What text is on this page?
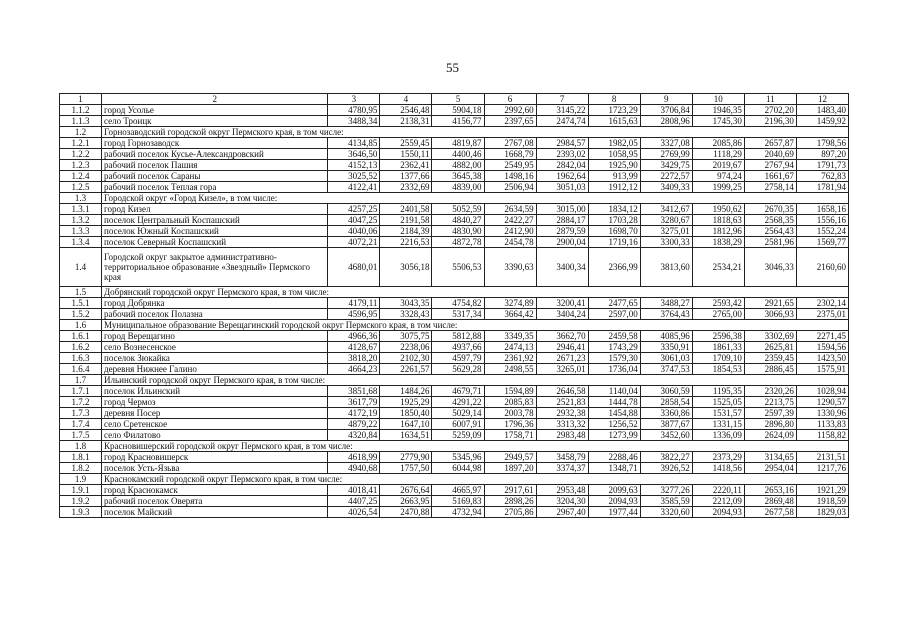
55
1	2	3	4	5	6	7	8	9	10	11	12
1.1.2	город Усолье	4780,95	2546,48	5904,18	2992,60	3145,22	1723,29	3706,84	1946,35	2702,20	1483,40
1.1.3	село Троицк	3488,34	2138,31	4156,77	2397,65	2474,74	1615,63	2808,96	1745,30	2196,30	1459,92
1.2	Горнозаводский городской округ Пермского края, в том числе:										
1.2.1	город Горнозаводск	4134,85	2559,45	4819,87	2767,08	2984,57	1982,05	3327,08	2085,86	2657,87	1798,56
1.2.2	рабочий поселок Кусье-Александровский	3646,50	1550,11	4400,46	1668,79	2393,02	1058,95	2769,99	1118,29	2040,69	897,20
1.2.3	рабочий поселок Пашия	4152,13	2362,41	4882,00	2549,95	2842,04	1925,90	3429,75	2019,67	2767,94	1791,73
1.2.4	рабочий поселок Сараны	3025,52	1377,66	3645,38	1498,16	1962,64	913,99	2272,57	974,24	1661,67	762,83
1.2.5	рабочий поселок Теплая гора	4122,41	2332,69	4839,00	2506,94	3051,03	1912,12	3409,33	1999,25	2758,14	1781,94
1.3	Городской округ «Город Кизел», в том числе:										
1.3.1	город Кизел	4257,25	2401,58	5052,59	2634,59	3015,00	1834,12	3412,67	1950,62	2670,35	1658,16
1.3.2	поселок Центральный Коспашский	4047,25	2191,58	4840,27	2422,27	2884,17	1703,28	3280,67	1818,63	2568,35	1556,16
1.3.3	поселок Южный Коспашский	4040,06	2184,39	4830,90	2412,90	2879,59	1698,70	3275,01	1812,96	2564,43	1552,24
1.3.4	поселок Северный Коспашский	4072,21	2216,53	4872,78	2454,78	2900,04	1719,16	3300,33	1838,29	2581,96	1569,77
1.4	Городской округ закрытое административно-территориальное образование «Звездный» Пермского края	4680,01	3056,18	5506,53	3390,63	3400,34	2366,99	3813,60	2534,21	3046,33	2160,60
1.5	Добрянский городской округ Пермского края, в том числе:										
1.5.1	город Добрянка	4179,11	3043,35	4754,82	3274,89	3200,41	2477,65	3488,27	2593,42	2921,65	2302,14
1.5.2	рабочий поселок Полазна	4596,95	3328,43	5317,34	3664,42	3404,24	2597,00	3764,43	2765,00	3066,93	2375,01
1.6	Муниципальное образование Верещагинский городской округ Пермского края, в том числе:										
1.6.1	город Верещагино	4966,36	3075,75	5812,88	3349,35	3662,70	2459,58	4085,96	2596,38	3302,69	2271,45
1.6.2	село Вознесенское	4128,67	2238,06	4937,66	2474,13	2946,41	1743,29	3350,91	1861,33	2625,81	1594,56
1.6.3	поселок Зюкайка	3818,20	2102,30	4597,79	2361,92	2671,23	1579,30	3061,03	1709,10	2359,45	1423,50
1.6.4	деревня Нижнее Галино	4664,23	2261,57	5629,28	2498,55	3265,01	1736,04	3747,53	1854,53	2886,45	1575,91
1.7	Ильинский городской округ Пермского края, в том числе:										
1.7.1	поселок Ильинский	3851,68	1484,26	4679,71	1594,89	2646,58	1140,04	3060,59	1195,35	2320,26	1028,94
1.7.2	город Чермоз	3617,79	1925,29	4291,22	2085,83	2521,83	1444,78	2858,54	1525,05	2213,75	1290,57
1.7.3	деревня Посер	4172,19	1850,40	5029,14	2003,78	2932,38	1454,88	3360,86	1531,57	2597,39	1330,96
1.7.4	село Сретенское	4879,22	1647,10	6007,91	1796,36	3313,32	1256,52	3877,67	1331,15	2896,80	1133,83
1.7.5	село Филатово	4320,84	1634,51	5259,09	1758,71	2983,48	1273,99	3452,60	1336,09	2624,09	1158,82
1.8	Красновишерский городской округ Пермского края, в том числе:										
1.8.1	город Красновишерск	4618,99	2779,90	5345,96	2949,57	3458,79	2288,46	3822,27	2373,29	3134,65	2131,51
1.8.2	поселок Усть-Язьва	4940,68	1757,50	6044,98	1897,20	3374,37	1348,71	3926,52	1418,56	2954,04	1217,76
1.9	Краснокамский городской округ Пермского края, в том числе:										
1.9.1	город Краснокамск	4018,41	2676,64	4665,97	2917,61	2953,48	2099,63	3277,26	2220,11	2653,16	1921,29
1.9.2	рабочий поселок Оверята	4407,25	2663,95	5169,83	2898,26	3204,30	2094,93	3585,59	2212,09	2869,48	1918,59
1.9.3	поселок Майский	4026,54	2470,88	4732,94	2705,86	2967,40	1977,44	3320,60	2094,93	2677,58	1829,03
